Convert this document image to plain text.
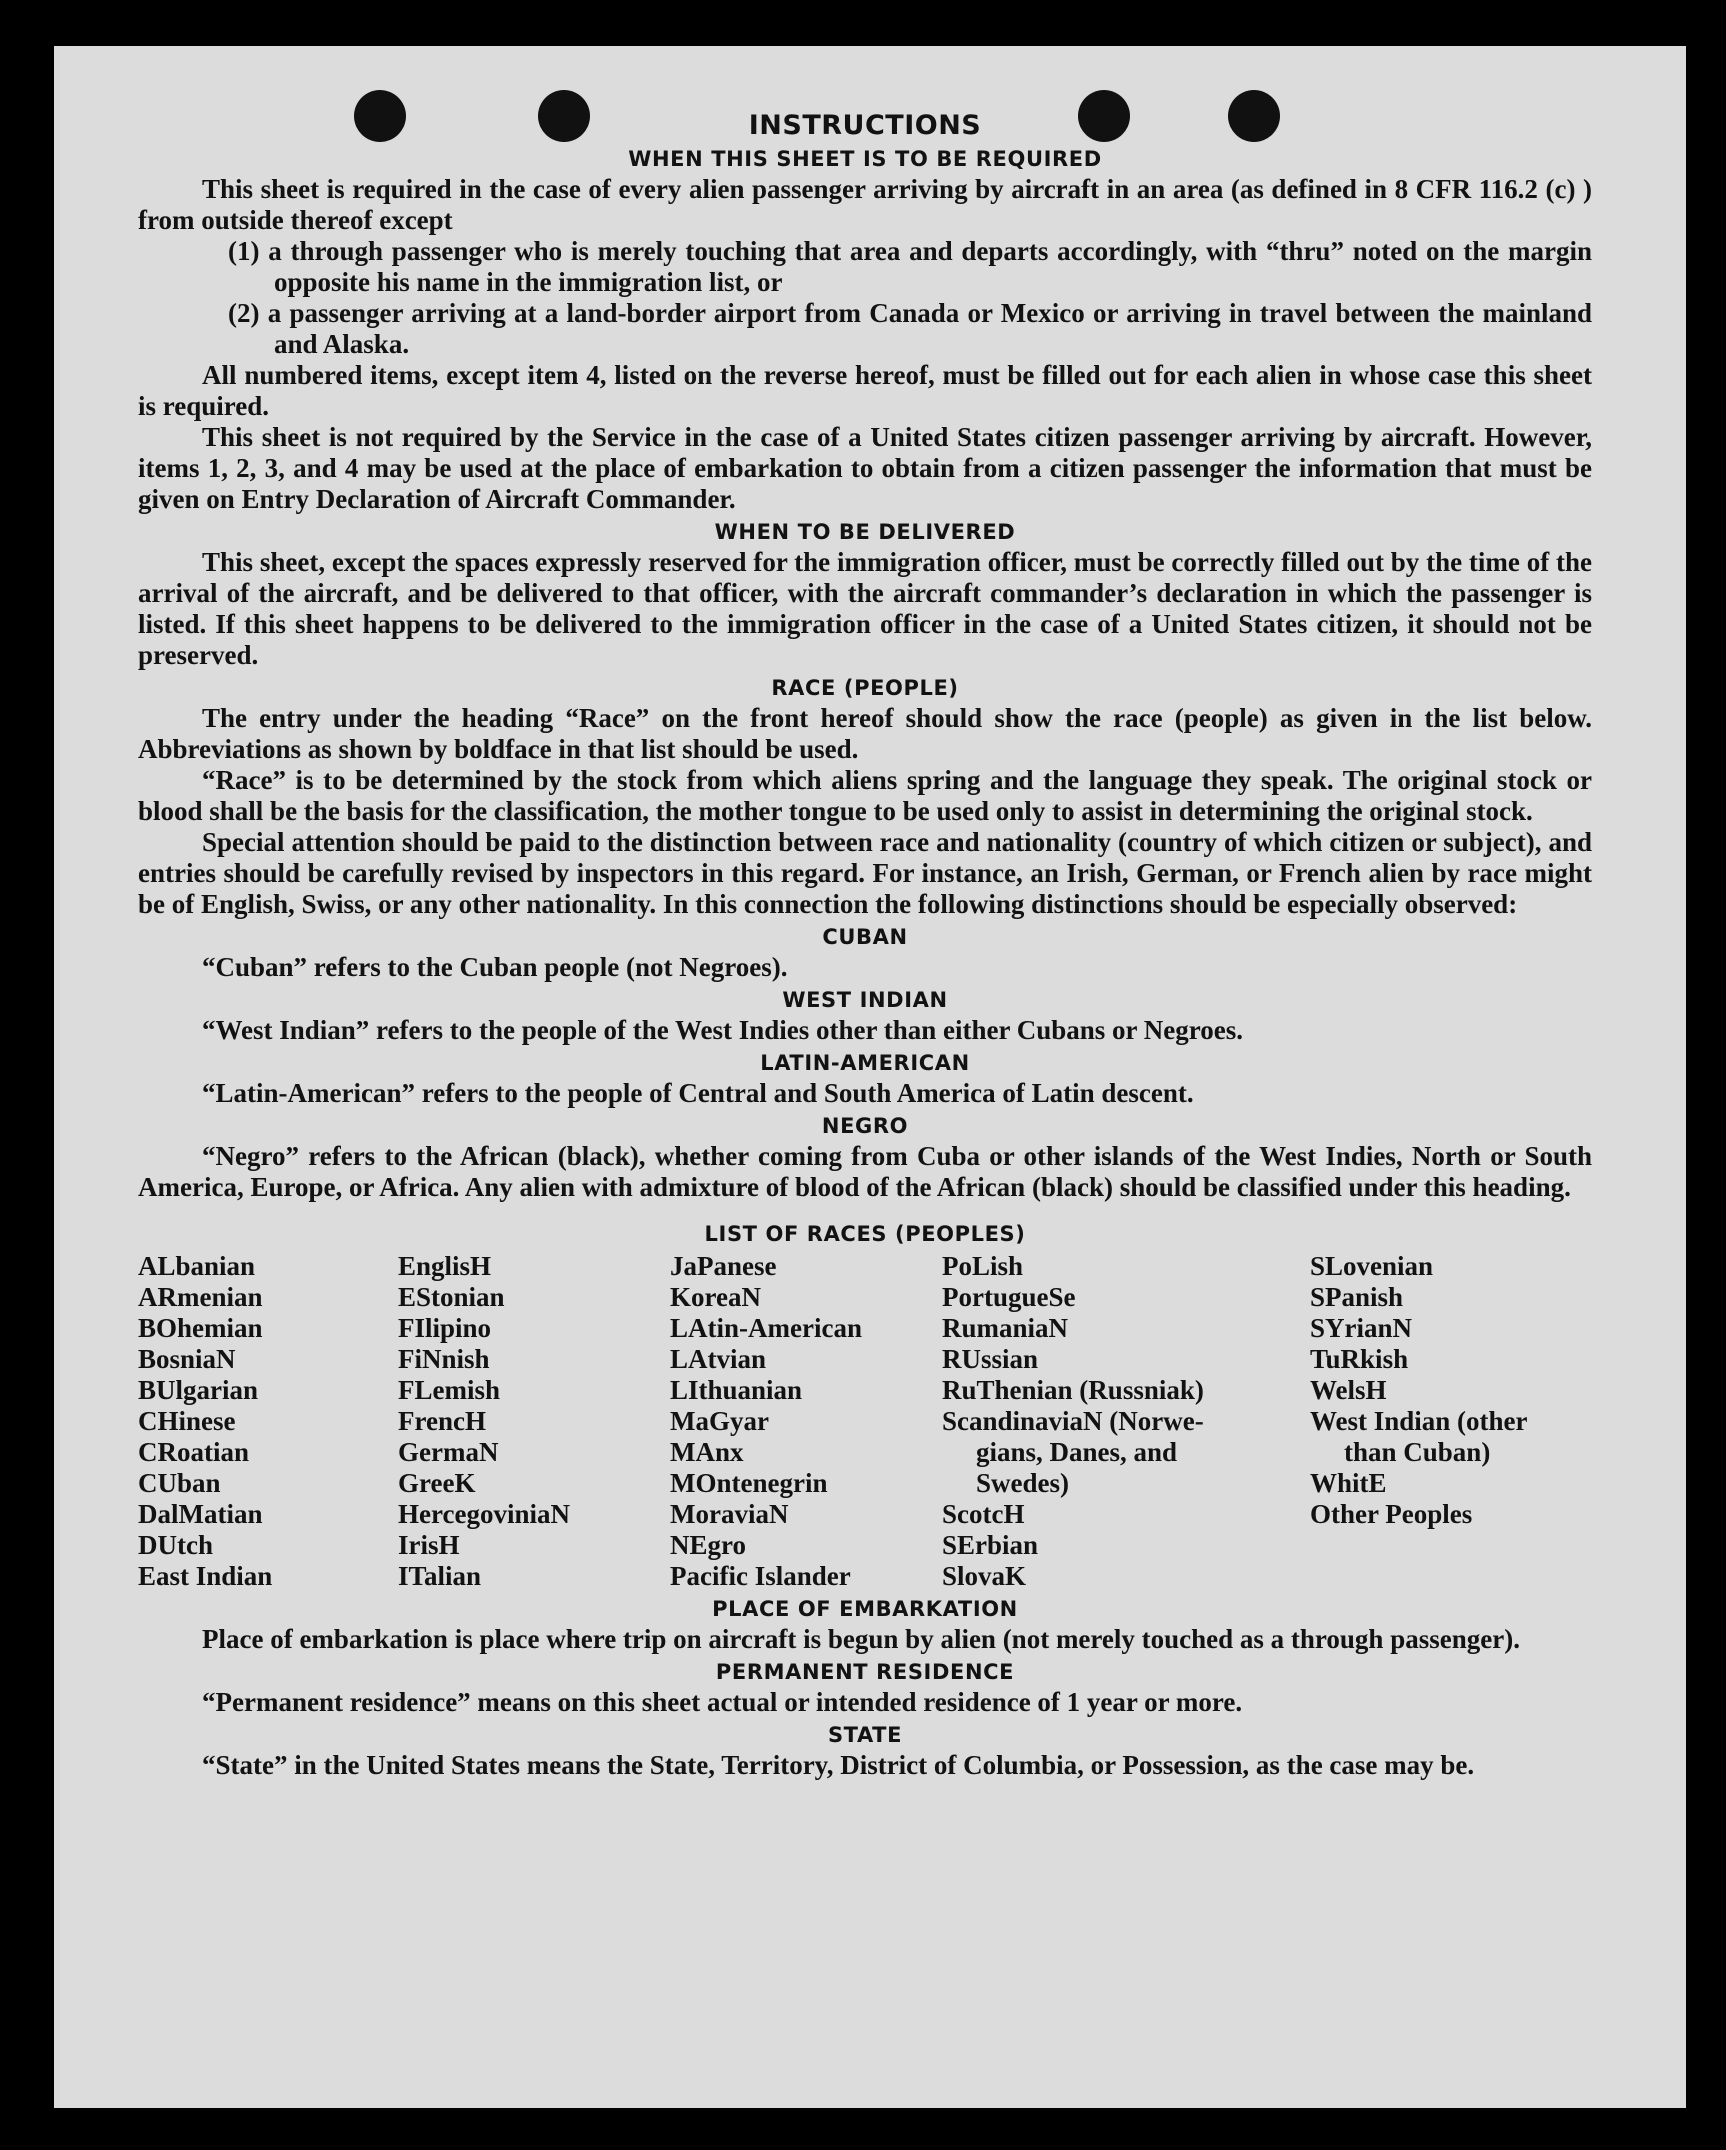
INSTRUCTIONS
WHEN THIS SHEET IS TO BE REQUIRED

This sheet is required in the case of every alien passenger arriving by aircraft in an area (as defined in 8 CFR 116.2 (c) ) from outside thereof except

(1) a through passenger who is merely touching that area and departs accordingly, with “thru” noted on the margin opposite his name in the immigration list, or
(2) a passenger arriving at a land-border airport from Canada or Mexico or arriving in travel between the mainland and Alaska.

All numbered items, except item 4, listed on the reverse hereof, must be filled out for each alien in whose case this sheet is required.

This sheet is not required by the Service in the case of a United States citizen passenger arriving by aircraft. However, items 1, 2, 3, and 4 may be used at the place of embarkation to obtain from a citizen passenger the information that must be given on Entry Declaration of Aircraft Commander.

WHEN TO BE DELIVERED

This sheet, except the spaces expressly reserved for the immigration officer, must be correctly filled out by the time of the arrival of the aircraft, and be delivered to that officer, with the aircraft commander’s declaration in which the passenger is listed. If this sheet happens to be delivered to the immigration officer in the case of a United States citizen, it should not be preserved.

RACE (PEOPLE)

The entry under the heading “Race” on the front hereof should show the race (people) as given in the list below. Abbreviations as shown by boldface in that list should be used.

“Race” is to be determined by the stock from which aliens spring and the language they speak. The original stock or blood shall be the basis for the classification, the mother tongue to be used only to assist in determining the original stock.

Special attention should be paid to the distinction between race and nationality (country of which citizen or subject), and entries should be carefully revised by inspectors in this regard. For instance, an Irish, German, or French alien by race might be of English, Swiss, or any other nationality. In this connection the following distinctions should be especially observed:

CUBAN
“Cuban” refers to the Cuban people (not Negroes).
WEST INDIAN
“West Indian” refers to the people of the West Indies other than either Cubans or Negroes.
LATIN-AMERICAN
“Latin-American” refers to the people of Central and South America of Latin descent.
NEGRO

“Negro” refers to the African (black), whether coming from Cuba or other islands of the West Indies, North or South America, Europe, or Africa. Any alien with admixture of blood of the African (black) should be classified under this heading.

LIST OF RACES (PEOPLES)
ALbanian
ARmenian
BOhemian
BosniaN
BUlgarian
CHinese
CRoatian
CUban
DalMatian
DUtch
East Indian
EnglisH
EStonian
FIlipino
FiNnish
FLemish
FrencH
GermaN
GreeK
HercegoviniaN
IrisH
ITalian
JaPanese
KoreaN
LAtin-American
LAtvian
LIthuanian
MaGyar
MAnx
MOntenegrin
MoraviaN
NEgro
Pacific Islander
PoLish
PortugueSe
RumaniaN
RUssian
RuThenian (Russniak)
ScandinaviaN (Norwe-
gians, Danes, and
Swedes)
ScotcH
SErbian
SlovaK
SLovenian
SPanish
SYrianN
TuRkish
WelsH
West Indian (other
than Cuban)
WhitE
Other Peoples
PLACE OF EMBARKATION

Place of embarkation is place where trip on aircraft is begun by alien (not merely touched as a through passenger).

PERMANENT RESIDENCE
“Permanent residence” means on this sheet actual or intended residence of 1 year or more.
STATE

“State” in the United States means the State, Territory, District of Columbia, or Possession, as the case may be.
